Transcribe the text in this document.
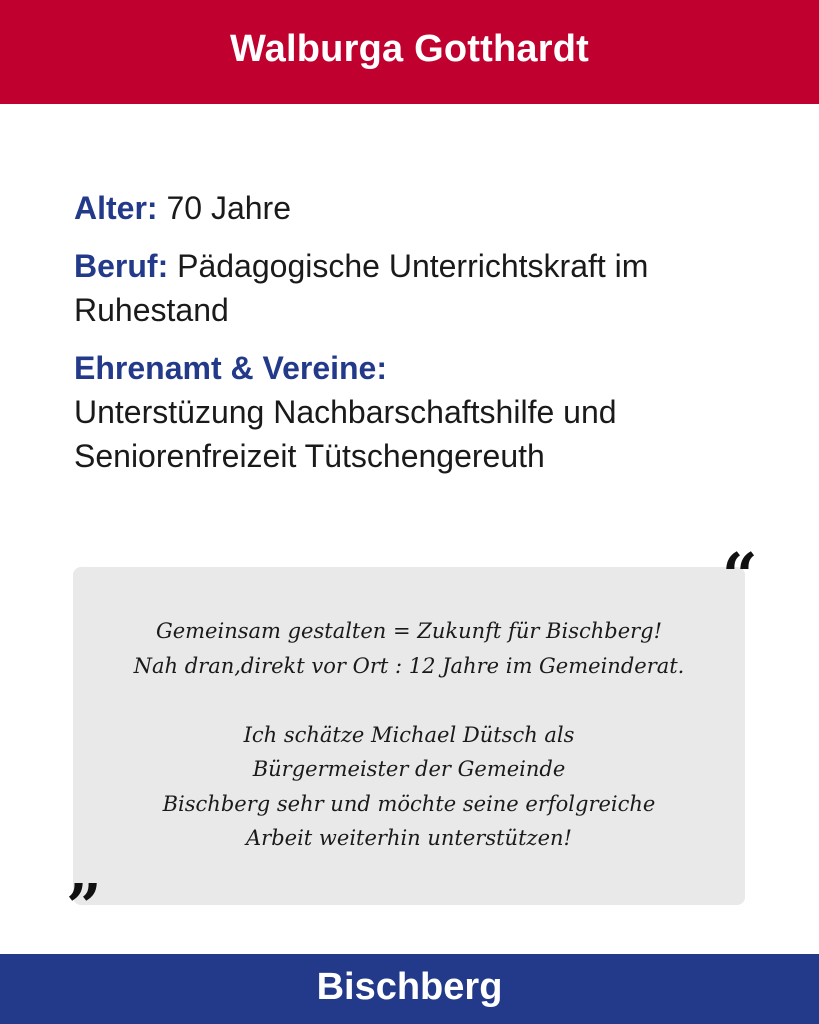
Walburga Gotthardt
Alter: 70 Jahre
Beruf: Pädagogische Unterrichtskraft im Ruhestand
Ehrenamt & Vereine:
Unterstüzung Nachbarschaftshilfe und Seniorenfreizeit Tütschengereuth
Gemeinsam gestalten = Zukunft für Bischberg!
Nah dran,direkt vor Ort : 12 Jahre im Gemeinderat.
Ich schätze Michael Dütsch als
Bürgermeister der Gemeinde
Bischberg sehr und möchte seine erfolgreiche
Arbeit weiterhin unterstützen!
“
”
Bischberg
